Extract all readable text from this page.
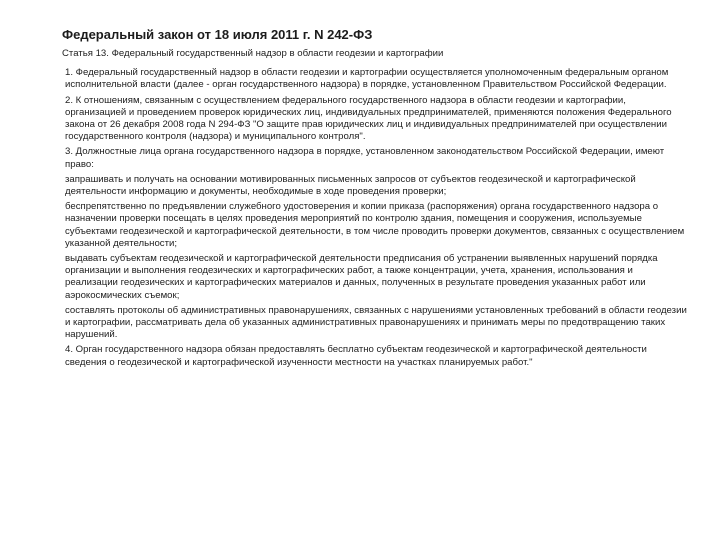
Федеральный закон от 18 июля 2011 г. N 242-ФЗ

Статья 13. Федеральный государственный надзор в области геодезии и картографии

1. Федеральный государственный надзор в области геодезии и картографии осуществляется уполномоченным федеральным органом исполнительной власти (далее - орган государственного надзора) в порядке, установленном Правительством Российской Федерации.

2. К отношениям, связанным с осуществлением федерального государственного надзора в области геодезии и картографии, организацией и проведением проверок юридических лиц, индивидуальных предпринимателей, применяются положения Федерального закона от 26 декабря 2008 года N 294-ФЗ "О защите прав юридических лиц и индивидуальных предпринимателей при осуществлении государственного контроля (надзора) и муниципального контроля".

3. Должностные лица органа государственного надзора в порядке, установленном законодательством Российской Федерации, имеют право:

запрашивать и получать на основании мотивированных письменных запросов от субъектов геодезической и картографической деятельности информацию и документы, необходимые в ходе проведения проверки;

беспрепятственно по предъявлении служебного удостоверения и копии приказа (распоряжения) органа государственного надзора о назначении проверки посещать в целях проведения мероприятий по контролю здания, помещения и сооружения, используемые субъектами геодезической и картографической деятельности, в том числе проводить проверки документов, связанных с осуществлением указанной деятельности;

выдавать субъектам геодезической и картографической деятельности предписания об устранении выявленных нарушений порядка организации и выполнения геодезических и картографических работ, а также концентрации, учета, хранения, использования и реализации геодезических и картографических материалов и данных, полученных в результате проведения указанных работ или аэрокосмических съемок;

составлять протоколы об административных правонарушениях, связанных с нарушениями установленных требований в области геодезии и картографии, рассматривать дела об указанных административных правонарушениях и принимать меры по предотвращению таких нарушений.

4. Орган государственного надзора обязан предоставлять бесплатно субъектам геодезической и картографической деятельности сведения о геодезической и картографической изученности местности на участках планируемых работ."
